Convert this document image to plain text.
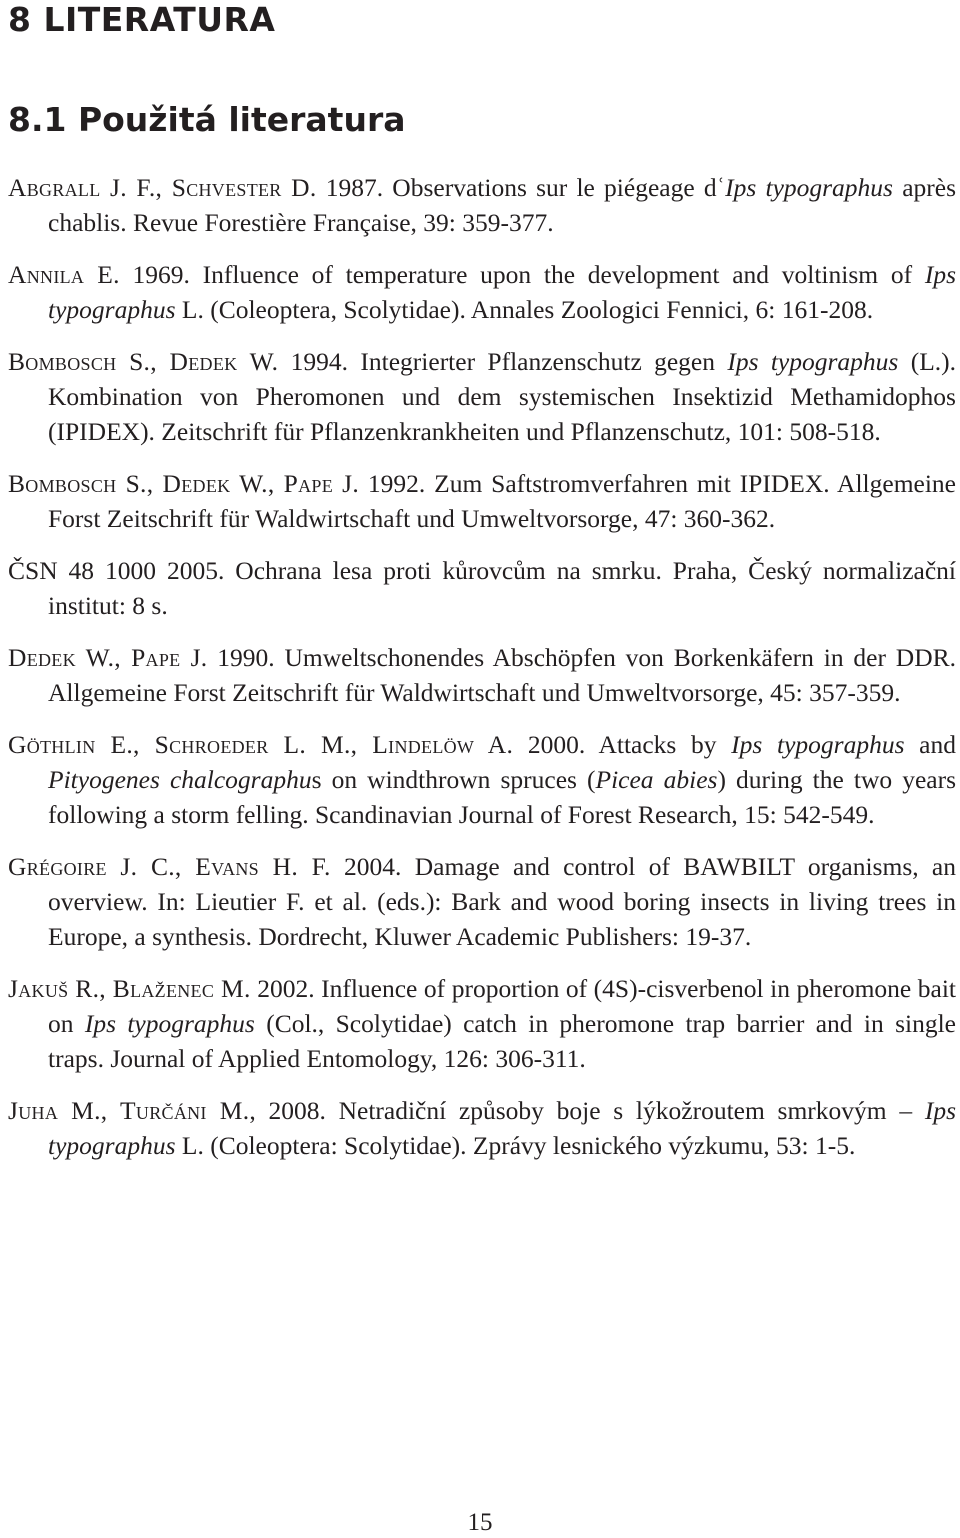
8 LITERATURA
8.1 Použitá literatura

Abgrall J. F., Schvester D. 1987. Observations sur le piégeage dʿIps typographus après chablis. Revue Forestière Française, 39: 359-377.

Annila E. 1969. Influence of temperature upon the development and voltinism of Ips typographus L. (Coleoptera, Scolytidae). Annales Zoologici Fennici, 6: 161-208.

Bombosch S., Dedek W. 1994. Integrierter Pflanzenschutz gegen Ips typographus (L.). Kombination von Pheromonen und dem systemischen Insektizid Methamidophos (IPIDEX). Zeitschrift für Pflanzenkrankheiten und Pflanzenschutz, 101: 508-518.

Bombosch S., Dedek W., Pape J. 1992. Zum Saftstromverfahren mit IPIDEX. Allgemeine Forst Zeitschrift für Waldwirtschaft und Umweltvorsorge, 47: 360-362.

ČSN 48 1000 2005. Ochrana lesa proti kůrovcům na smrku. Praha, Český normalizační institut: 8 s.

Dedek W., Pape J. 1990. Umweltschonendes Abschöpfen von Borkenkäfern in der DDR. Allgemeine Forst Zeitschrift für Waldwirtschaft und Umweltvorsorge, 45: 357-359.

Göthlin E., Schroeder L. M., Lindelöw A. 2000. Attacks by Ips typographus and Pityogenes chalcographus on windthrown spruces (Picea abies) during the two years following a storm felling. Scandinavian Journal of Forest Research, 15: 542-549.

Grégoire J. C., Evans H. F. 2004. Damage and control of BAWBILT organisms, an overview. In: Lieutier F. et al. (eds.): Bark and wood boring insects in living trees in Europe, a synthesis. Dordrecht, Kluwer Academic Publishers: 19-37.

Jakuš R., Blaženec M. 2002. Influence of proportion of (4S)-cisverbenol in pheromone bait on Ips typographus (Col., Scolytidae) catch in pheromone trap barrier and in single traps. Journal of Applied Entomology, 126: 306-311.

Juha M., Turčáni M., 2008. Netradiční způsoby boje s lýkožroutem smrkovým – Ips typographus L. (Coleoptera: Scolytidae). Zprávy lesnického výzkumu, 53: 1-5.

15
